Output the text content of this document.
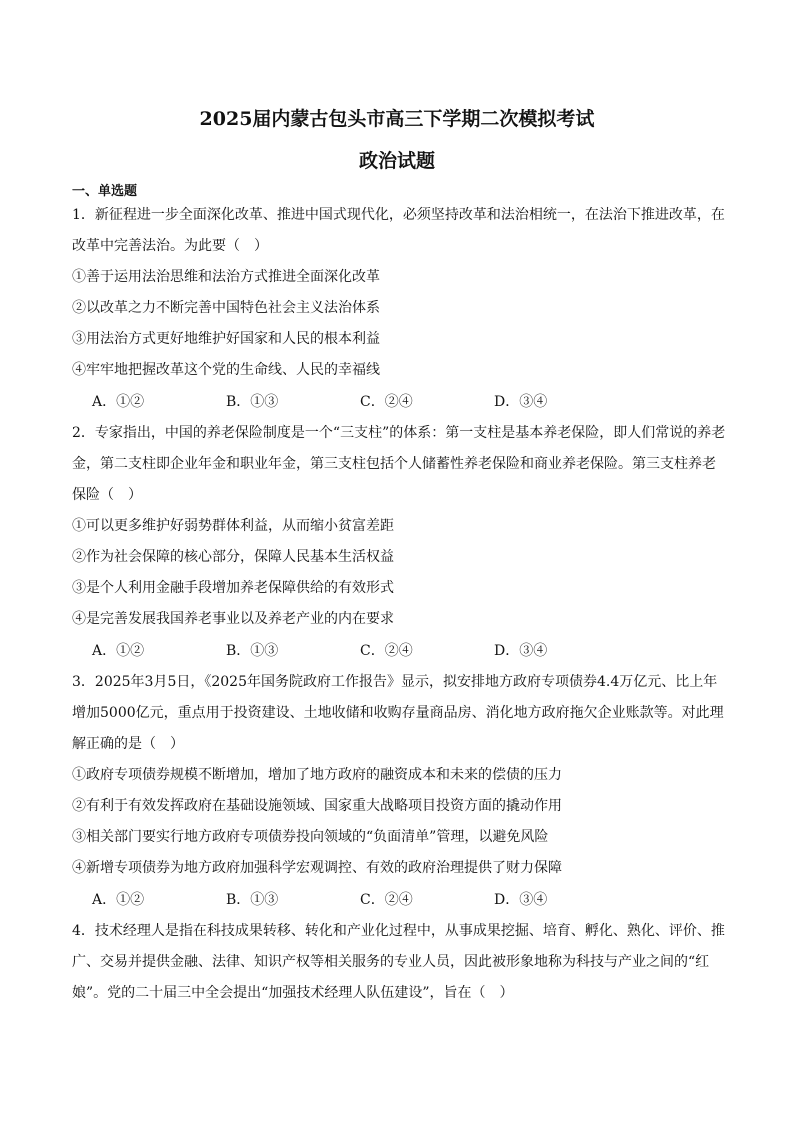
2025届内蒙古包头市高三下学期二次模拟考试
政治试题
一、单选题
1．新征程进一步全面深化改革、推进中国式现代化，必须坚持改革和法治相统一，在法治下推进改革，在
改革中完善法治。为此要（　）
①善于运用法治思维和法治方式推进全面深化改革
②以改革之力不断完善中国特色社会主义法治体系
③用法治方式更好地维护好国家和人民的根本利益
④牢牢地把握改革这个党的生命线、人民的幸福线
A．①②	B．①③	C．②④	D．③④
2．专家指出，中国的养老保险制度是一个“三支柱”的体系：第一支柱是基本养老保险，即人们常说的养老
金，第二支柱即企业年金和职业年金，第三支柱包括个人储蓄性养老保险和商业养老保险。第三支柱养老
保险（　）
①可以更多维护好弱势群体利益，从而缩小贫富差距
②作为社会保障的核心部分，保障人民基本生活权益
③是个人利用金融手段增加养老保障供给的有效形式
④是完善发展我国养老事业以及养老产业的内在要求
A．①②	B．①③	C．②④	D．③④
3．2025年3月5日，《2025年国务院政府工作报告》显示，拟安排地方政府专项债券4.4万亿元、比上年
增加5000亿元，重点用于投资建设、土地收储和收购存量商品房、消化地方政府拖欠企业账款等。对此理
解正确的是（　）
①政府专项债券规模不断增加，增加了地方政府的融资成本和未来的偿债的压力
②有利于有效发挥政府在基础设施领域、国家重大战略项目投资方面的撬动作用
③相关部门要实行地方政府专项债券投向领域的“负面清单”管理，以避免风险
④新增专项债券为地方政府加强科学宏观调控、有效的政府治理提供了财力保障
A．①②	B．①③	C．②④	D．③④
4．技术经理人是指在科技成果转移、转化和产业化过程中，从事成果挖掘、培育、孵化、熟化、评价、推
广、交易并提供金融、法律、知识产权等相关服务的专业人员，因此被形象地称为科技与产业之间的“红
娘”。党的二十届三中全会提出“加强技术经理人队伍建设”，旨在（　）
